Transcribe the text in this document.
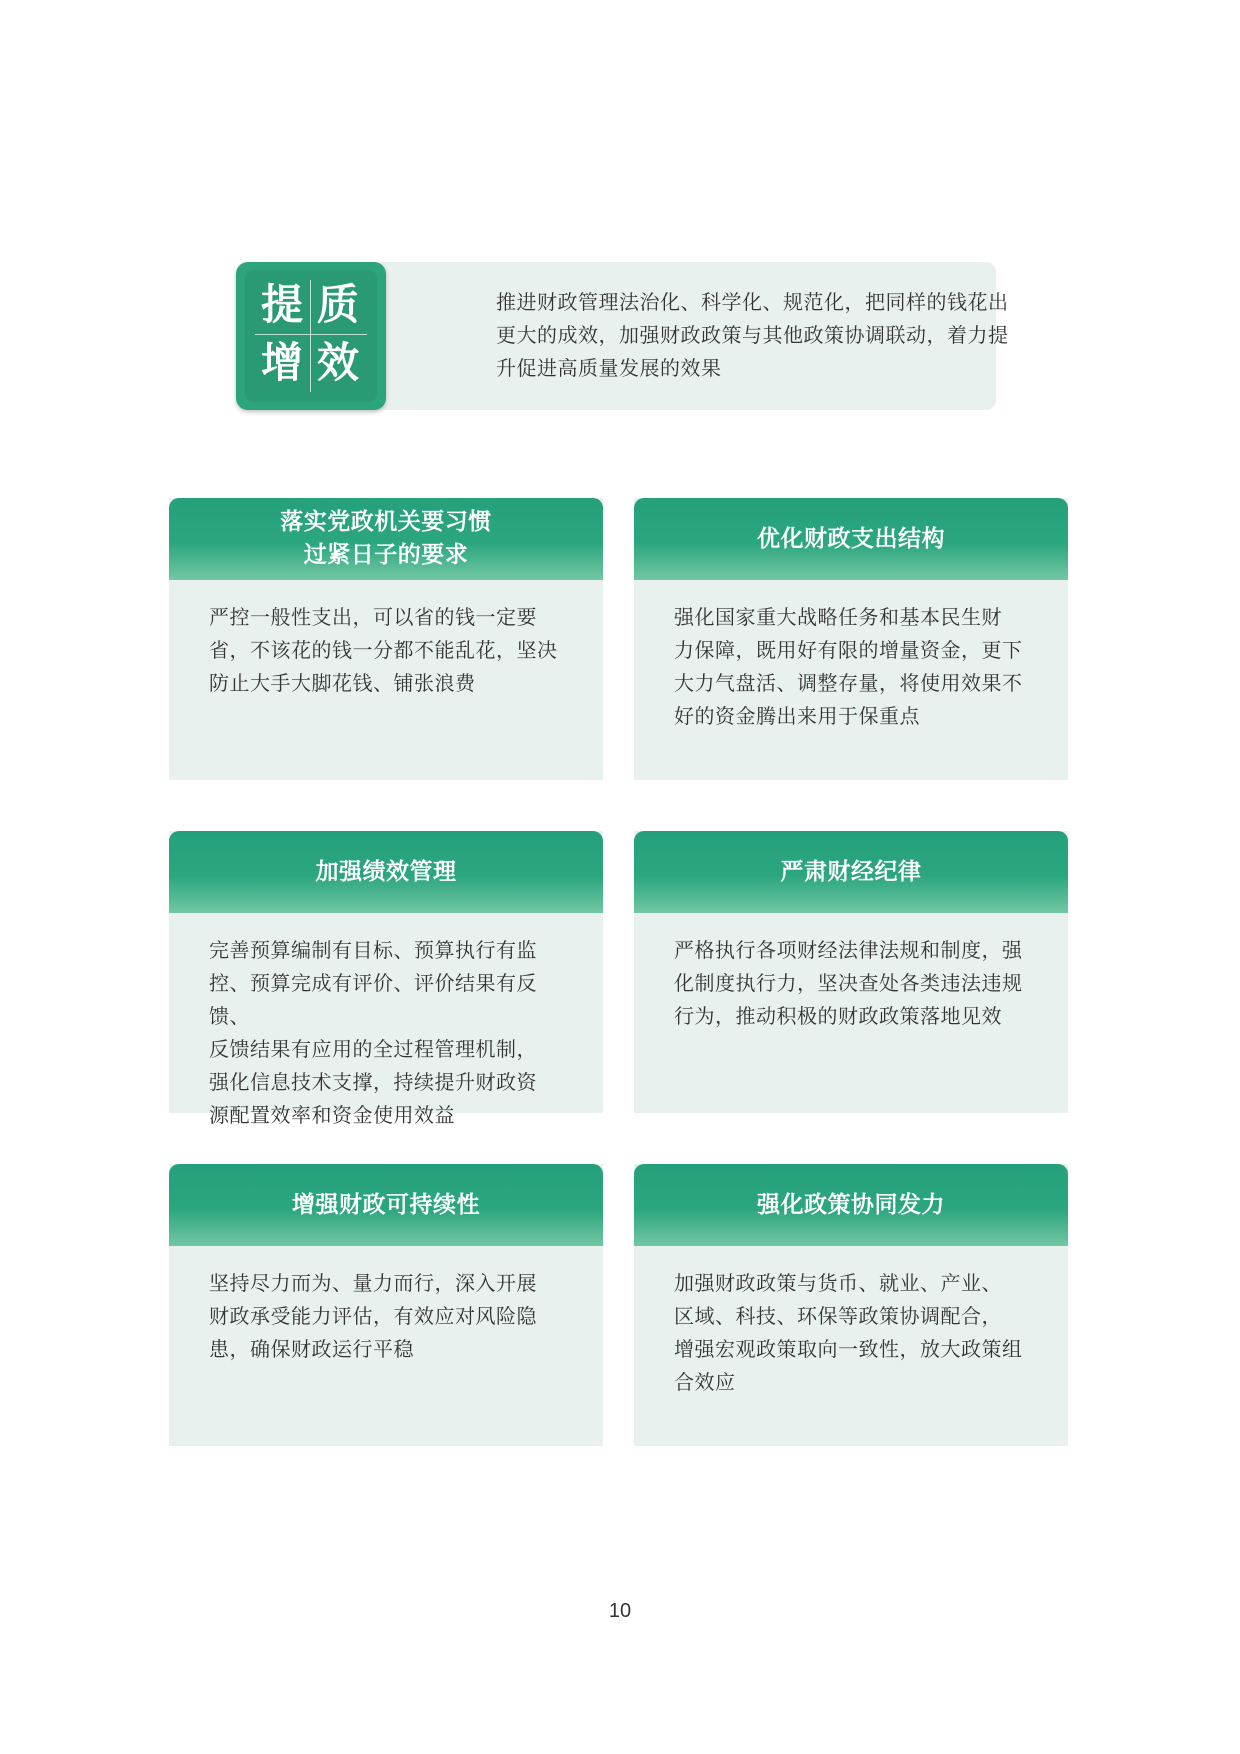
推进财政管理法治化、科学化、规范化，把同样的钱花出
更大的成效，加强财政政策与其他政策协调联动，着力提
升促进高质量发展的效果
提 质
增 效
落实党政机关要习惯
过紧日子的要求
严控一般性支出，可以省的钱一定要
省，不该花的钱一分都不能乱花，坚决
防止大手大脚花钱、铺张浪费
优化财政支出结构
强化国家重大战略任务和基本民生财
力保障，既用好有限的增量资金，更下
大力气盘活、调整存量，将使用效果不
好的资金腾出来用于保重点
加强绩效管理
完善预算编制有目标、预算执行有监
控、预算完成有评价、评价结果有反馈、
反馈结果有应用的全过程管理机制，
强化信息技术支撑，持续提升财政资
源配置效率和资金使用效益
严肃财经纪律
严格执行各项财经法律法规和制度，强
化制度执行力，坚决查处各类违法违规
行为，推动积极的财政政策落地见效
增强财政可持续性
坚持尽力而为、量力而行，深入开展
财政承受能力评估，有效应对风险隐
患，确保财政运行平稳
强化政策协同发力
加强财政政策与货币、就业、产业、
区域、科技、环保等政策协调配合，
增强宏观政策取向一致性，放大政策组
合效应
10
